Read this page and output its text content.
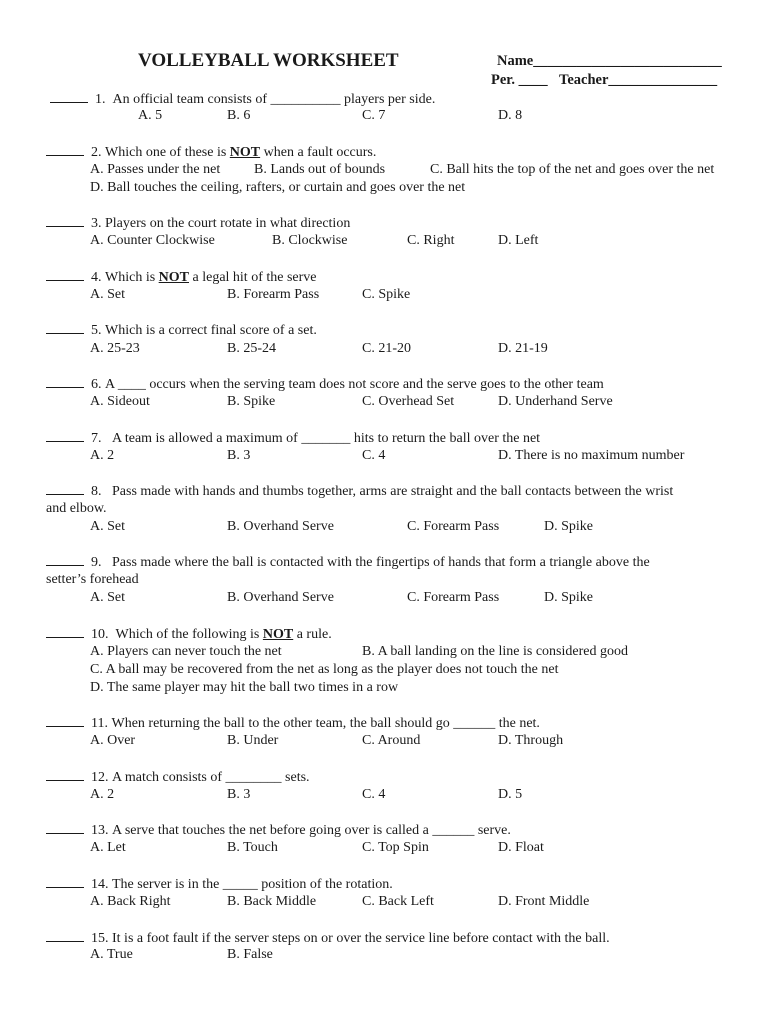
VOLLEYBALL WORKSHEET	Name__________________________
Per. ____ Teacher_______________
1. An official team consists of __________ players per side.
A. 5	B. 6	C. 7	D. 8
2. Which one of these is NOT when a fault occurs.
A. Passes under the net B. Lands out of bounds	C. Ball hits the top of the net and goes over the net
D. Ball touches the ceiling, rafters, or curtain and goes over the net
3. Players on the court rotate in what direction
A. Counter Clockwise	B. Clockwise	C. Right	D. Left
4. Which is NOT a legal hit of the serve
A. Set	B. Forearm Pass	C. Spike
5. Which is a correct final score of a set.
A. 25-23	B. 25-24	C. 21-20	D. 21-19
6. A ____ occurs when the serving team does not score and the serve goes to the other team
A. Sideout	B. Spike	C. Overhead Set	D. Underhand Serve
7. A team is allowed a maximum of _______ hits to return the ball over the net
A. 2	B. 3	C. 4	D. There is no maximum number
8. Pass made with hands and thumbs together, arms are straight and the ball contacts between the wrist
and elbow.
A. Set	B. Overhand Serve	C. Forearm Pass	D. Spike
9. Pass made where the ball is contacted with the fingertips of hands that form a triangle above the
setter’s forehead
A. Set	B. Overhand Serve	C. Forearm Pass	D. Spike
10. Which of the following is NOT a rule.
A. Players can never touch the net	B. A ball landing on the line is considered good
C. A ball may be recovered from the net as long as the player does not touch the net
D. The same player may hit the ball two times in a row
11. When returning the ball to the other team, the ball should go ______ the net.
A. Over	B. Under	C. Around	D. Through
12. A match consists of ________ sets.
A. 2	B. 3	C. 4	D. 5
13. A serve that touches the net before going over is called a ______ serve.
A. Let	B. Touch	C. Top Spin	D. Float
14. The server is in the _____ position of the rotation.
A. Back Right	B. Back Middle	C. Back Left	D. Front Middle
15. It is a foot fault if the server steps on or over the service line before contact with the ball.
A. True	B. False
